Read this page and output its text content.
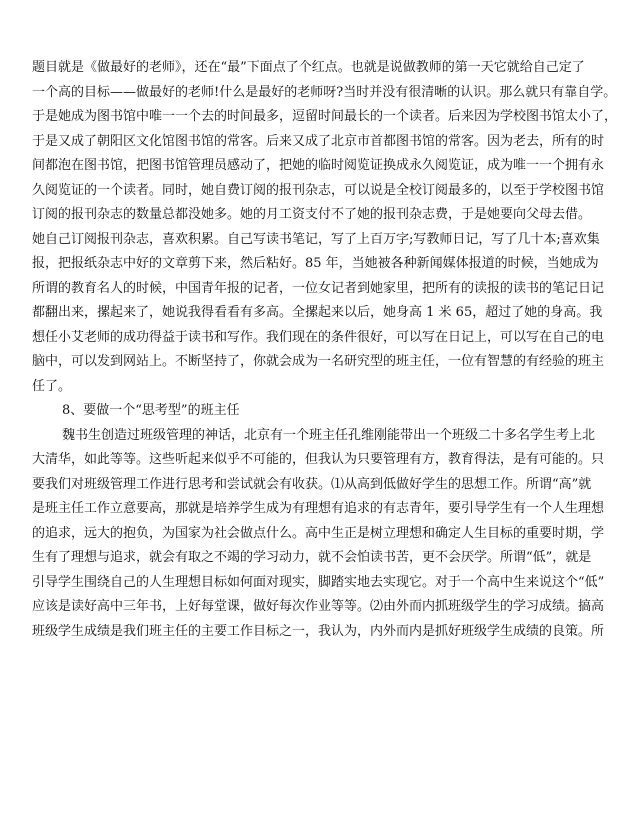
题目就是《做最好的老师》，还在“最”下面点了个红点。也就是说做教师的第一天它就给自己定了
一个高的目标——做最好的老师!什么是最好的老师呀?当时并没有很清晰的认识。那么就只有靠自学。
于是她成为图书馆中唯一一个去的时间最多，逗留时间最长的一个读者。后来因为学校图书馆太小了，
于是又成了朝阳区文化馆图书馆的常客。后来又成了北京市首都图书馆的常客。因为老去，所有的时
间都泡在图书馆，把图书馆管理员感动了，把她的临时阅览证换成永久阅览证，成为唯一一个拥有永
久阅览证的一个读者。同时，她自费订阅的报刊杂志，可以说是全校订阅最多的，以至于学校图书馆
订阅的报刊杂志的数量总都没她多。她的月工资支付不了她的报刊杂志费，于是她要向父母去借。
她自己订阅报刊杂志，喜欢积累。自己写读书笔记，写了上百万字;写教师日记，写了几十本;喜欢集
报，把报纸杂志中好的文章剪下来，然后粘好。85 年，当她被各种新闻媒体报道的时候，当她成为
所谓的教育名人的时候，中国青年报的记者，一位女记者到她家里，把所有的读报的读书的笔记日记
都翻出来，摞起来了，她说我得看看有多高。全摞起来以后，她身高 1 米 65，超过了她的身高。我
想任小艾老师的成功得益于读书和写作。我们现在的条件很好，可以写在日记上，可以写在自己的电
脑中，可以发到网站上。不断坚持了，你就会成为一名研究型的班主任，一位有智慧的有经验的班主
任了。
8、要做一个“思考型”的班主任
魏书生创造过班级管理的神话，北京有一个班主任孔维刚能带出一个班级二十多名学生考上北
大清华，如此等等。这些听起来似乎不可能的，但我认为只要管理有方，教育得法，是有可能的。只
要我们对班级管理工作进行思考和尝试就会有收获。⑴从高到低做好学生的思想工作。所谓“高”就
是班主任工作立意要高，那就是培养学生成为有理想有追求的有志青年，要引导学生有一个人生理想
的追求，远大的抱负，为国家为社会做点什么。高中生正是树立理想和确定人生目标的重要时期，学
生有了理想与追求，就会有取之不竭的学习动力，就不会怕读书苦，更不会厌学。所谓“低”，就是
引导学生围绕自己的人生理想目标如何面对现实，脚踏实地去实现它。对于一个高中生来说这个“低”
应该是读好高中三年书，上好每堂课，做好每次作业等等。⑵由外而内抓班级学生的学习成绩。搞高
班级学生成绩是我们班主任的主要工作目标之一，我认为，内外而内是抓好班级学生成绩的良策。所
